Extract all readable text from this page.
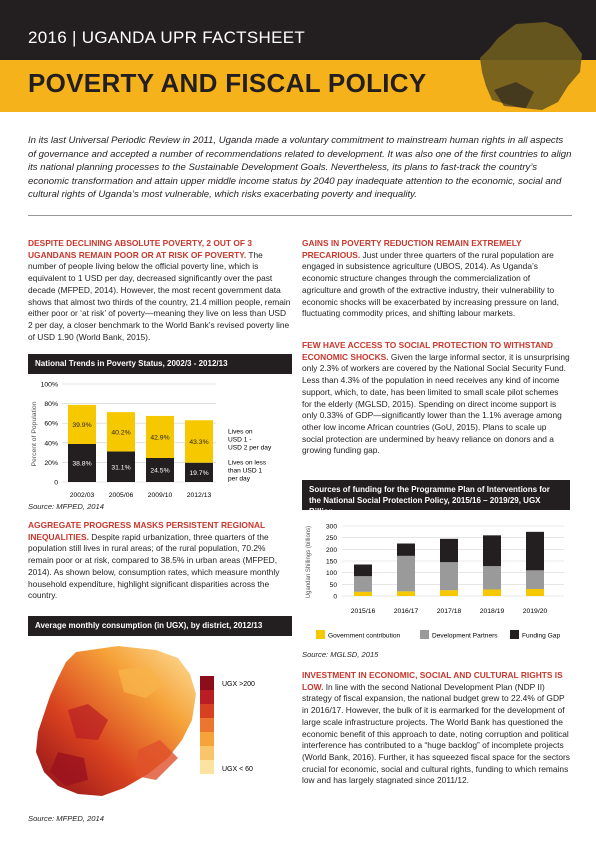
2016 | UGANDA UPR FACTSHEET
POVERTY AND FISCAL POLICY

In its last Universal Periodic Review in 2011, Uganda made a voluntary commitment to mainstream human rights in all aspects of governance and accepted a number of recommendations related to development. It was also one of the first countries to align its national planning processes to the Sustainable Development Goals. Nevertheless, its plans to fast-track the country’s economic transformation and attain upper middle income status by 2040 pay inadequate attention to the economic, social and cultural rights of Uganda’s most vulnerable, which risks exacerbating poverty and inequality.

DESPITE DECLINING ABSOLUTE POVERTY, 2 OUT OF 3 UGANDANS REMAIN POOR OR AT RISK OF POVERTY. The number of people living below the official poverty line, which is equivalent to 1 USD per day, decreased significantly over the past decade (MFPED, 2014). However, the most recent government data shows that almost two thirds of the country, 21.4 million people, remain either poor or ‘at risk’ of poverty—meaning they live on less than USD 2 per day, a closer benchmark to the World Bank’s revised poverty line of USD 1.90 (World Bank, 2015).

National Trends in Poverty Status, 2002/3 - 2012/13
0
20%
40%
60%
80%
100%
Percent of Population	38.8%
39.9%
2002/03
31.1%
40.2%
2005/06
24.5%
42.9%
2009/10
19.7%
43.3%
2012/13
Lives on USD 1 -USD 2 per day
Lives on less than USD 1 per day
Source: MFPED, 2014

AGGREGATE PROGRESS MASKS PERSISTENT REGIONAL INEQUALITIES. Despite rapid urbanization, three quarters of the population still lives in rural areas; of the rural population, 70.2% remain poor or at risk, compared to 38.5% in urban areas (MFPED, 2014). As shown below, consumption rates, which measure monthly household expenditure, highlight significant disparities across the country.

Average monthly consumption (in UGX), by district, 2012/13
UGX >200
UGX < 60
Source: MFPED, 2014

GAINS IN POVERTY REDUCTION REMAIN EXTREMELY PRECARIOUS. Just under three quarters of the rural population are engaged in subsistence agriculture (UBOS, 2014). As Uganda’s economic structure changes through the commercialization of agriculture and growth of the extractive industry, their vulnerability to economic shocks will be exacerbated by increasing pressure on land, fluctuating commodity prices, and shifting labour markets.

FEW HAVE ACCESS TO SOCIAL PROTECTION TO WITHSTAND ECONOMIC SHOCKS. Given the large informal sector, it is unsurprising only 2.3% of workers are covered by the National Social Security Fund. Less than 4.3% of the population in need receives any kind of income support, which, to date, has been limited to small scale pilot schemes for the elderly (MGLSD, 2015). Spending on direct income support is only 0.33% of GDP—significantly lower than the 1.1% average among other low income African countries (GoU, 2015). Plans to scale up social protection are undermined by heavy reliance on donors and a growing funding gap.

Sources of funding for the Programme Plan of Interventions for the National Social Protection Policy, 2015/16 – 2019/29, UGX Billion
0
50
100
150
200
250
300
Ugandan Shillings (billions)
2015/16	2016/17	2017/18	2018/19	2019/20
Government contribution	Development Partners	Funding Gap
Source: MGLSD, 2015

INVESTMENT IN ECONOMIC, SOCIAL AND CULTURAL RIGHTS IS LOW. In line with the second National Development Plan (NDP II) strategy of fiscal expansion, the national budget grew to 22.4% of GDP in 2016/17. However, the bulk of it is earmarked for the development of large scale infrastructure projects. The World Bank has questioned the economic benefit of this approach to date, noting corruption and political interference has contributed to a “huge backlog” of incomplete projects (World Bank, 2016). Further, it has squeezed fiscal space for the sectors crucial for economic, social and cultural rights, funding to which remains low and has largely stagnated since 2011/12.
